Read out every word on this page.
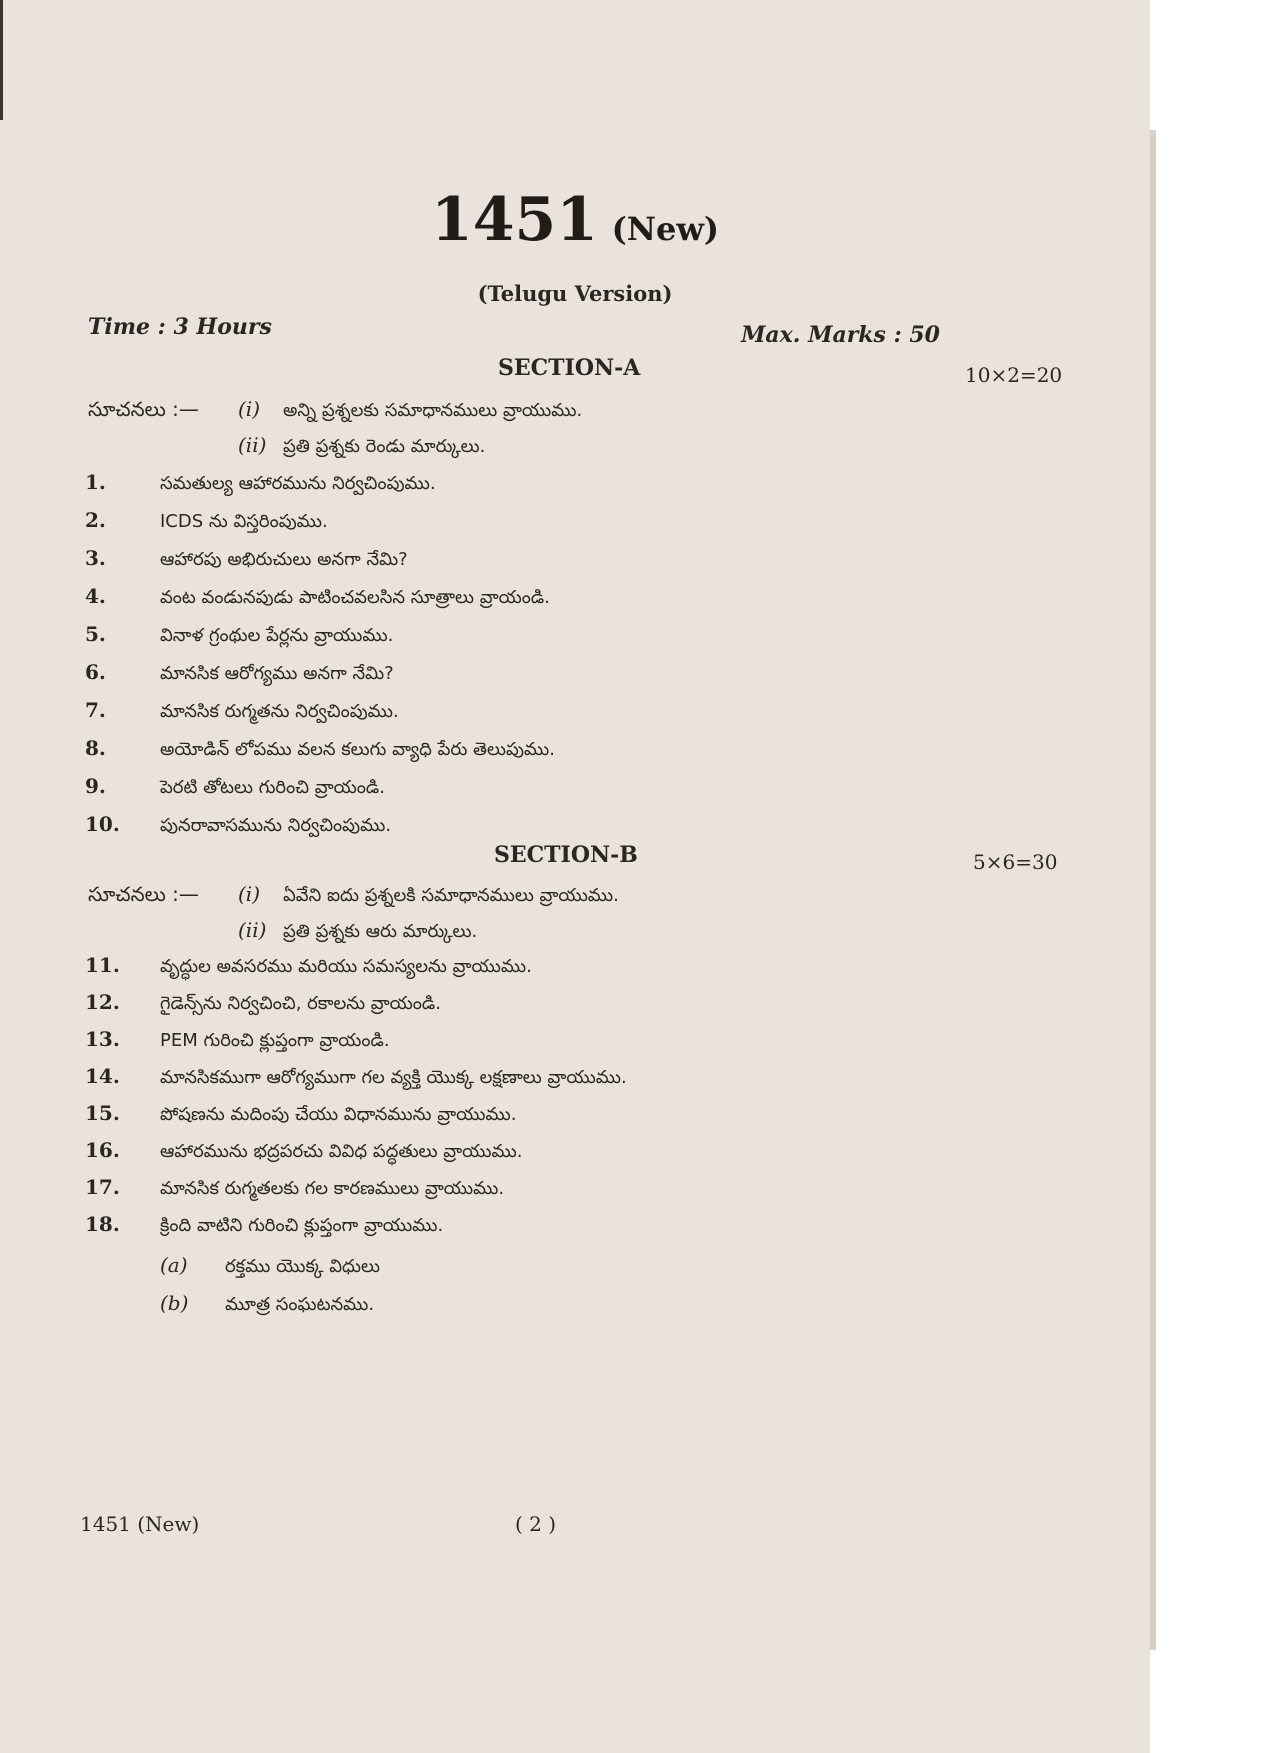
1451 (New)
(Telugu Version)
Time : 3 Hours	Max. Marks : 50
SECTION-A	10×2=20
సూచనలు :— (i) అన్ని ప్రశ్నలకు సమాధానములు వ్రాయుము.
(ii) ప్రతి ప్రశ్నకు రెండు మార్కులు.
1.	సమతుల్య ఆహారమును నిర్వచింపుము.
2.	ICDS ను విస్తరింపుము.
3.	ఆహారపు అభిరుచులు అనగా నేమి?
4.	వంట వండునపుడు పాటించవలసిన సూత్రాలు వ్రాయండి.
5.	వినాళ గ్రంథుల పేర్లను వ్రాయుము.
6.	మానసిక ఆరోగ్యము అనగా నేమి?
7.	మానసిక రుగ్మతను నిర్వచింపుము.
8.	అయోడిన్ లోపము వలన కలుగు వ్యాధి పేరు తెలుపుము.
9.	పెరటి తోటలు గురించి వ్రాయండి.
10. పునరావాసమును నిర్వచింపుము.
SECTION-B	5×6=30
సూచనలు :— (i) ఏవేని ఐదు ప్రశ్నలకి సమాధానములు వ్రాయుము.
(ii) ప్రతి ప్రశ్నకు ఆరు మార్కులు.
11. వృద్ధుల అవసరము మరియు సమస్యలను వ్రాయుము.
12. గైడెన్స్‌ను నిర్వచించి, రకాలను వ్రాయండి.
13. PEM గురించి క్లుప్తంగా వ్రాయండి.
14. మానసికముగా ఆరోగ్యముగా గల వ్యక్తి యొక్క లక్షణాలు వ్రాయుము.
15. పోషణను మదింపు చేయు విధానమును వ్రాయుము.
16. ఆహారమును భద్రపరచు వివిధ పద్ధతులు వ్రాయుము.
17. మానసిక రుగ్మతలకు గల కారణములు వ్రాయుము.
18. క్రింది వాటిని గురించి క్లుప్తంగా వ్రాయుము.
(a) రక్తము యొక్క విధులు
(b) మూత్ర సంఘటనము.
1451 (New)	( 2 )
